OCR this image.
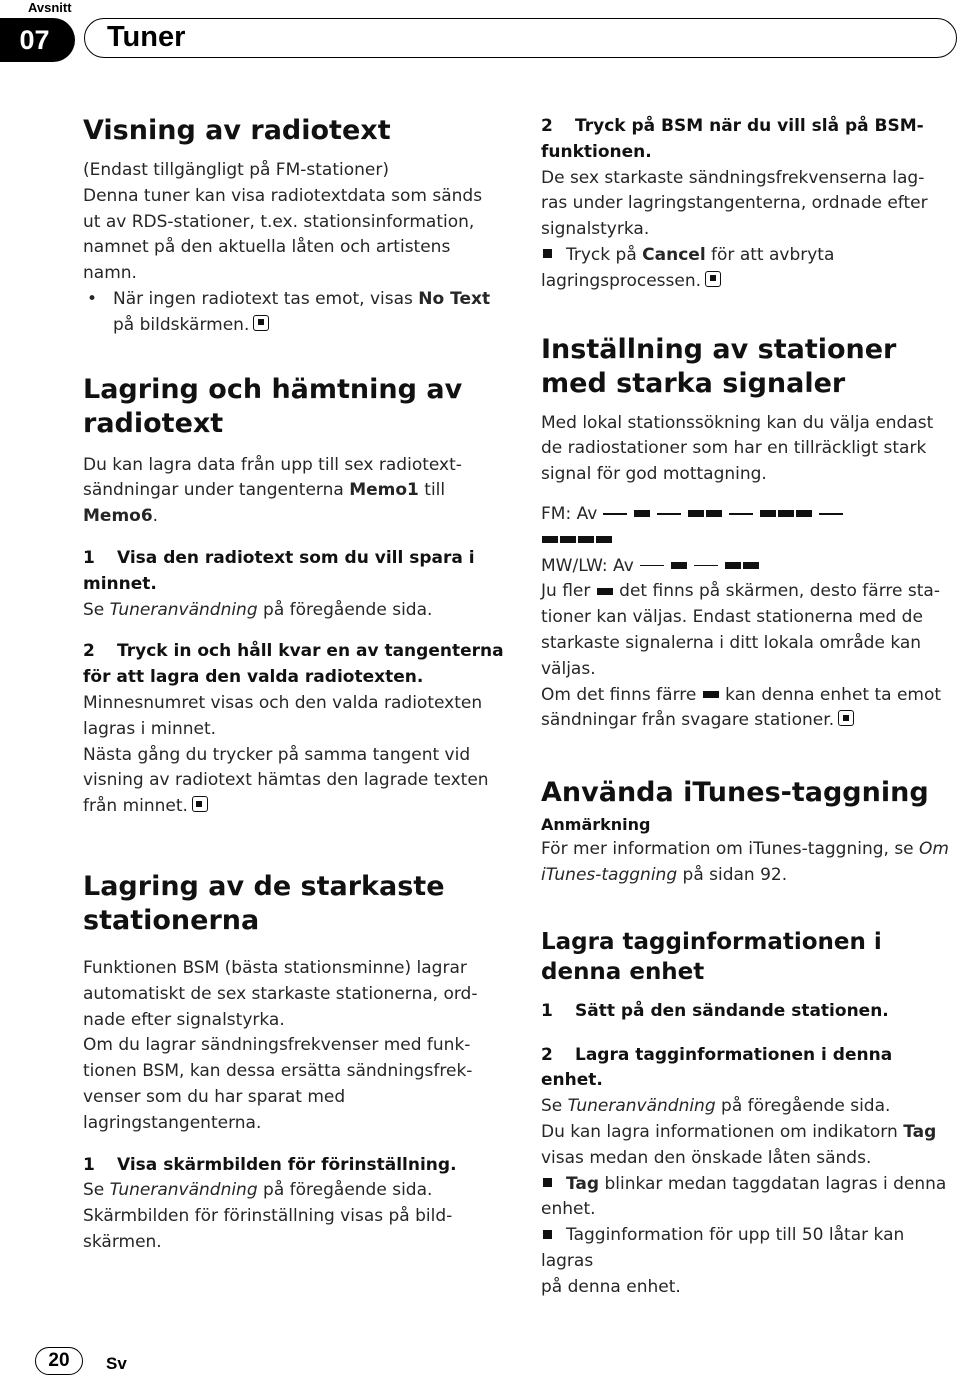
Avsnitt
07	Tuner
Visning av radiotext

(Endast tillgängligt på FM-stationer)

Denna tuner kan visa radiotextdata som sänds

ut av RDS-stationer, t.ex. stationsinformation,

namnet på den aktuella låten och artistens

namn.

• När ingen radiotext tas emot, visas No Text

på bildskärmen.

Lagring och hämtning av
radiotext

Du kan lagra data från upp till sex radiotext-

sändningar under tangenterna Memo1 till

Memo6.

1 Visa den radiotext som du vill spara i

minnet.

Se Tuneranvändning på föregående sida.

2 Tryck in och håll kvar en av tangenterna

för att lagra den valda radiotexten.

Minnesnumret visas och den valda radiotexten

lagras i minnet.

Nästa gång du trycker på samma tangent vid

visning av radiotext hämtas den lagrade texten

från minnet.

Lagring av de starkaste
stationerna

Funktionen BSM (bästa stationsminne) lagrar

automatiskt de sex starkaste stationerna, ord-

nade efter signalstyrka.

Om du lagrar sändningsfrekvenser med funk-

tionen BSM, kan dessa ersätta sändningsfrek-

venser som du har sparat med

lagringstangenterna.

1 Visa skärmbilden för förinställning.

Se Tuneranvändning på föregående sida.

Skärmbilden för förinställning visas på bild-

skärmen.

2 Tryck på BSM när du vill slå på BSM-

funktionen.

De sex starkaste sändningsfrekvenserna lag-

ras under lagringstangenterna, ordnade efter

signalstyrka.

Tryck på Cancel för att avbryta

lagringsprocessen.

Inställning av stationer
med starka signaler

Med lokal stationssökning kan du välja endast

de radiostationer som har en tillräckligt stark

signal för god mottagning.

FM: Av

MW/LW: Av

Ju fler det finns på skärmen, desto färre sta-

tioner kan väljas. Endast stationerna med de

starkaste signalerna i ditt lokala område kan

väljas.

Om det finns färre kan denna enhet ta emot

sändningar från svagare stationer.

Använda iTunes-taggning

Anmärkning

För mer information om iTunes-taggning, se Om

iTunes-taggning på sidan 92.

Lagra tagginformationen i
denna enhet

1 Sätt på den sändande stationen.

2 Lagra tagginformationen i denna

enhet.

Se Tuneranvändning på föregående sida.

Du kan lagra informationen om indikatorn Tag

visas medan den önskade låten sänds.

Tag blinkar medan taggdatan lagras i denna

enhet.

Tagginformation för upp till 50 låtar kan lagras

på denna enhet.

20	Sv
